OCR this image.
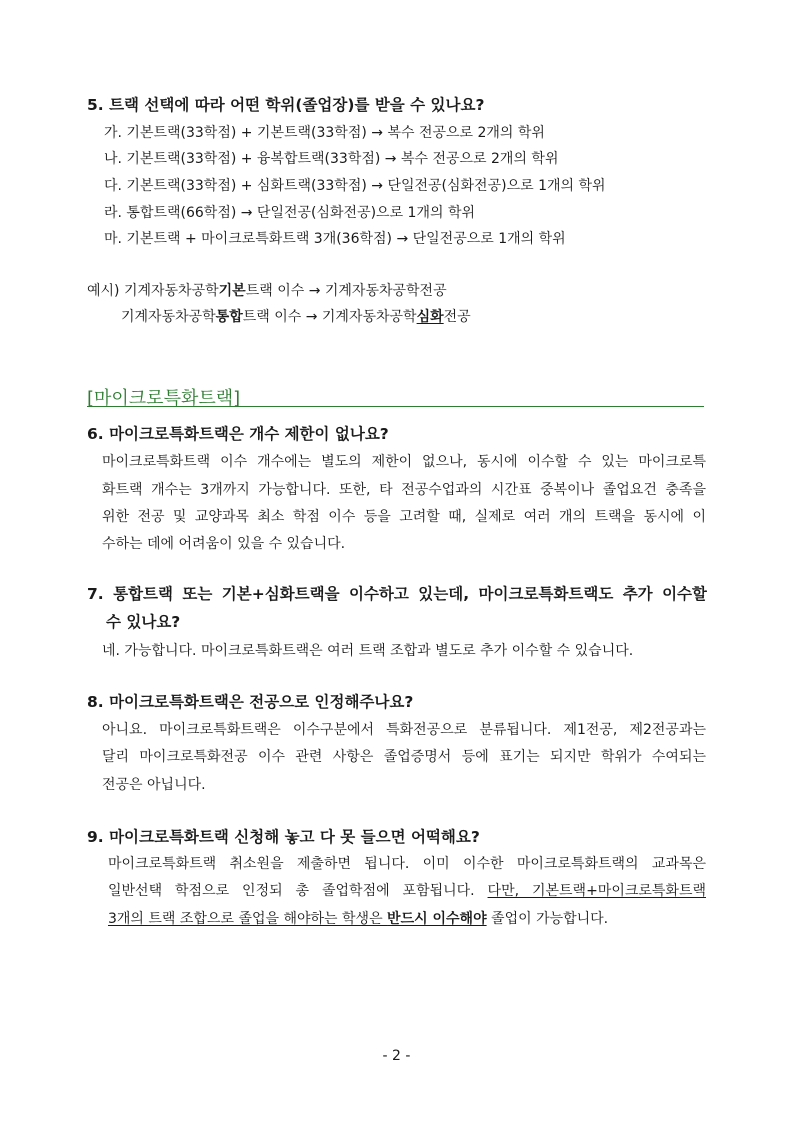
5. 트랙 선택에 따라 어떤 학위(졸업장)를 받을 수 있나요?
가. 기본트랙(33학점) + 기본트랙(33학점) → 복수 전공으로 2개의 학위
나. 기본트랙(33학점) + 융복합트랙(33학점) → 복수 전공으로 2개의 학위
다. 기본트랙(33학점) + 심화트랙(33학점) → 단일전공(심화전공)으로 1개의 학위
라. 통합트랙(66학점) → 단일전공(심화전공)으로 1개의 학위
마. 기본트랙 + 마이크로특화트랙 3개(36학점) → 단일전공으로 1개의 학위
예시) 기계자동차공학기본트랙 이수 → 기계자동차공학전공
기계자동차공학통합트랙 이수 → 기계자동차공학심화전공
[마이크로특화트랙]
6. 마이크로특화트랙은 개수 제한이 없나요?
마이크로특화트랙 이수 개수에는 별도의 제한이 없으나, 동시에 이수할 수 있는 마이크로특
화트랙 개수는 3개까지 가능합니다. 또한, 타 전공수업과의 시간표 중복이나 졸업요건 충족을
위한 전공 및 교양과목 최소 학점 이수 등을 고려할 때, 실제로 여러 개의 트랙을 동시에 이
수하는 데에 어려움이 있을 수 있습니다.
7. 통합트랙 또는 기본+심화트랙을 이수하고 있는데, 마이크로특화트랙도 추가 이수할
수 있나요?
네. 가능합니다. 마이크로특화트랙은 여러 트랙 조합과 별도로 추가 이수할 수 있습니다.
8. 마이크로특화트랙은 전공으로 인정해주나요?
아니요. 마이크로특화트랙은 이수구분에서 특화전공으로 분류됩니다. 제1전공, 제2전공과는
달리 마이크로특화전공 이수 관련 사항은 졸업증명서 등에 표기는 되지만 학위가 수여되는
전공은 아닙니다.
9. 마이크로특화트랙 신청해 놓고 다 못 들으면 어떡해요?
마이크로특화트랙 취소원을 제출하면 됩니다. 이미 이수한 마이크로특화트랙의 교과목은
일반선택 학점으로 인정되 총 졸업학점에 포함됩니다. 다만, 기본트랙+마이크로특화트랙
3개의 트랙 조합으로 졸업을 해야하는 학생은 반드시 이수해야 졸업이 가능합니다.
- 2 -
